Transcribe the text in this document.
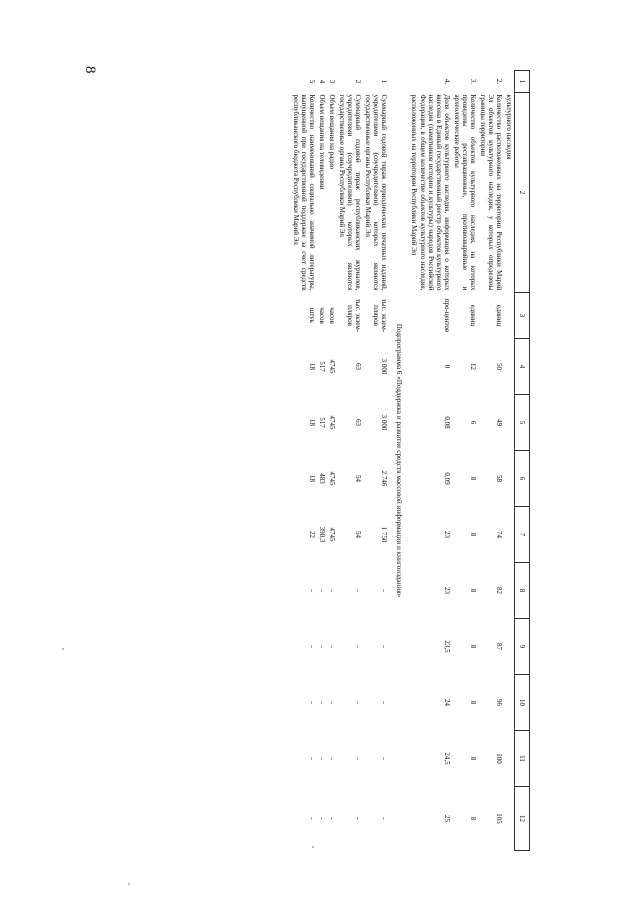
8
1	2	3	4	5	6	7	8	9	10	11	12
	культурного наследия										
2.	Количество расположенных на территории Республики Марий Эл объектов культурного наследия, у которых определены границы территории	единиц	50	49	58	74	82	87	96	100	105
3.	Количество объектов культурного наследия, на которых проведены реставрационные, противоаварийные и археологические работы	единиц	12	6	8	8	8	8	8	8	8
4.	Доля объектов культурного наследия, информация о которых внесена в Единый государственный реестр объектов культурного наследия (памятников истории и культуры) народов Российской Федерации, в общем количестве объектов культурного наследия, расположенных на территории Республики Марий Эл	про-центов	0	0,08	0,09	23	23	23,5	24	24,5	25
Подпрограмма 6 «Поддержка и развитие средств массовой информации и книгоиздания»											
1	Суммарный годовой тираж периодических печатных изданий, учредителями (соучредителями) которых являются государственные органы Республики Марий Эл	тыс. экзем-пляров	3 000	3 000	2 746	1 750	-	-	-	-	-
2	Суммарный годовой тираж республиканских журналов, учредителями (соучредителями) которых являются государственные органы Республики Марий Эл	тыс. экзем-пляров	63	63	54	54	-	-	-	-	-
3	Объем вещания на радио	часов	4745	4745	4745	4745	-	-	-	-	-
4	Объем вещания на телевидении	часов	517	517	483	390,3	-	-	-	-	-
5	Количество наименований социально значимой литературы, выпущенной при государственной поддержке за счет средств республиканского бюджета Республики Марий Эл	штук	18	18	18	22	-	-	-	-	-
